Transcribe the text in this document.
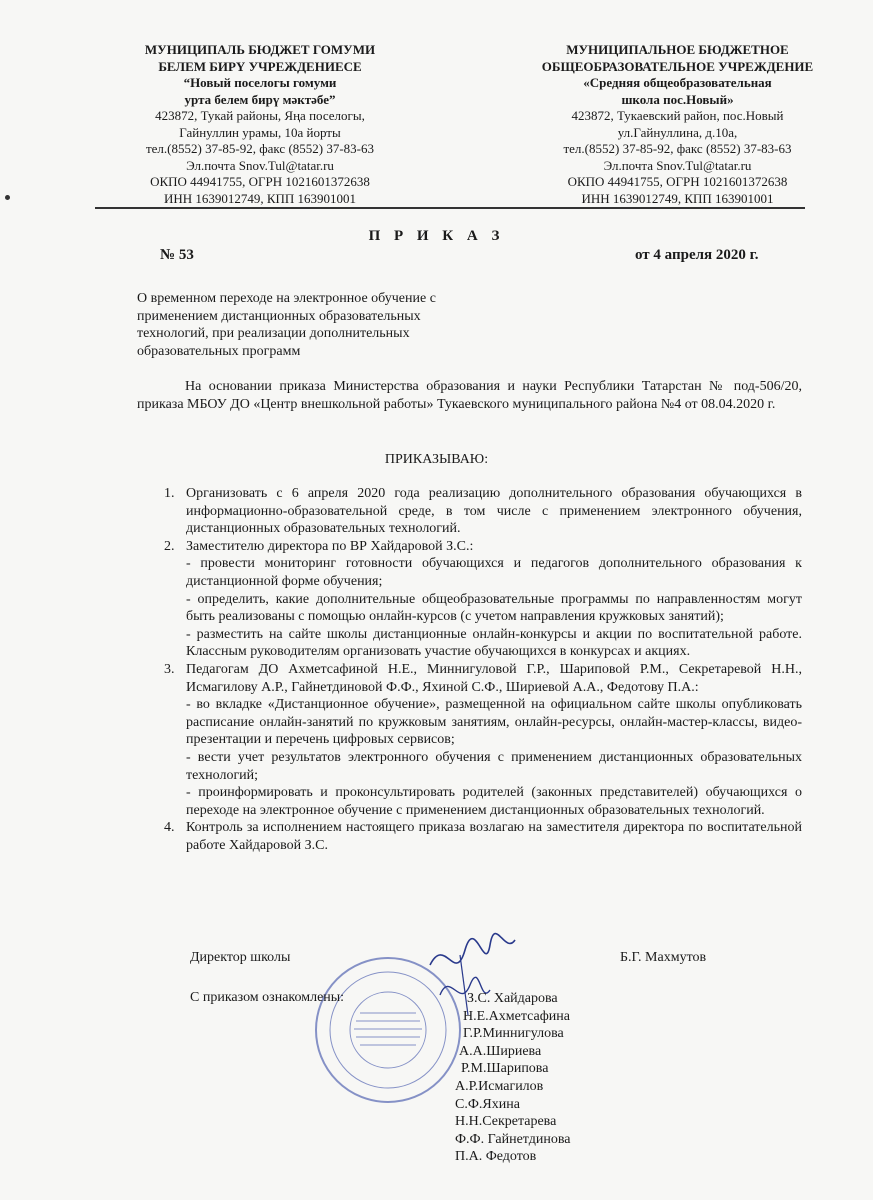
МУНИЦИПАЛЬ БЮДЖЕТ ГОМУМИ
БЕЛЕМ БИРҮ УЧРЕЖДЕНИЕСЕ
“Новый поселогы гомуми
урта белем бирү мәктәбе”
423872, Тукай районы, Яңа поселогы,
Гайнуллин урамы, 10а йорты
тел.(8552) 37-85-92, факс (8552) 37-83-63
Эл.почта Snov.Tul@tatar.ru
ОКПО 44941755, ОГРН 1021601372638
ИНН 1639012749, КПП 163901001
МУНИЦИПАЛЬНОЕ БЮДЖЕТНОЕ
ОБЩЕОБРАЗОВАТЕЛЬНОЕ УЧРЕЖДЕНИЕ
«Средняя общеобразовательная
школа пос.Новый»
423872, Тукаевский район, пос.Новый
ул.Гайнуллина, д.10а,
тел.(8552) 37-85-92, факс (8552) 37-83-63
Эл.почта Snov.Tul@tatar.ru
ОКПО 44941755, ОГРН 1021601372638
ИНН 1639012749, КПП 163901001
П Р И К А З
№ 53	от 4 апреля 2020 г.
О временном переходе на электронное обучение с применением дистанционных образовательных технологий, при реализации дополнительных образовательных программ
На основании приказа Министерства образования и науки Республики Татарстан № под-506/20, приказа МБОУ ДО «Центр внешкольной работы» Тукаевского муниципального района №4 от 08.04.2020 г.
ПРИКАЗЫВАЮ:
1. Организовать с 6 апреля 2020 года реализацию дополнительного образования обучающихся в информационно-образовательной среде, в том числе с применением электронного обучения, дистанционных образовательных технологий.
2. Заместителю директора по ВР Хайдаровой З.С.:
- провести мониторинг готовности обучающихся и педагогов дополнительного образования к дистанционной форме обучения;
- определить, какие дополнительные общеобразовательные программы по направленностям могут быть реализованы с помощью онлайн-курсов (с учетом направления кружковых занятий);
- разместить на сайте школы дистанционные онлайн-конкурсы и акции по воспитательной работе. Классным руководителям организовать участие обучающихся в конкурсах и акциях.
3. Педагогам ДО Ахметсафиной Н.Е., Миннигуловой Г.Р., Шариповой Р.М., Секретаревой Н.Н., Исмагилову А.Р., Гайнетдиновой Ф.Ф., Яхиной С.Ф., Шириевой А.А., Федотову П.А.:
- во вкладке «Дистанционное обучение», размещенной на официальном сайте школы опубликовать расписание онлайн-занятий по кружковым занятиям, онлайн-ресурсы, онлайн-мастер-классы, видео-презентации и перечень цифровых сервисов;
- вести учет результатов электронного обучения с применением дистанционных образовательных технологий;
- проинформировать и проконсультировать родителей (законных представителей) обучающихся о переходе на электронное обучение с применением дистанционных образовательных технологий.
4. Контроль за исполнением настоящего приказа возлагаю на заместителя директора по воспитательной работе Хайдаровой З.С.
Директор школы	Б.Г. Махмутов
С приказом ознакомлены:	З.С. Хайдарова
Н.Е.Ахметсафина
Г.Р.Миннигулова
А.А.Шириева
Р.М.Шарипова
А.Р.Исмагилов
С.Ф.Яхина
Н.Н.Секретарева
Ф.Ф. Гайнетдинова
П.А. Федотов
